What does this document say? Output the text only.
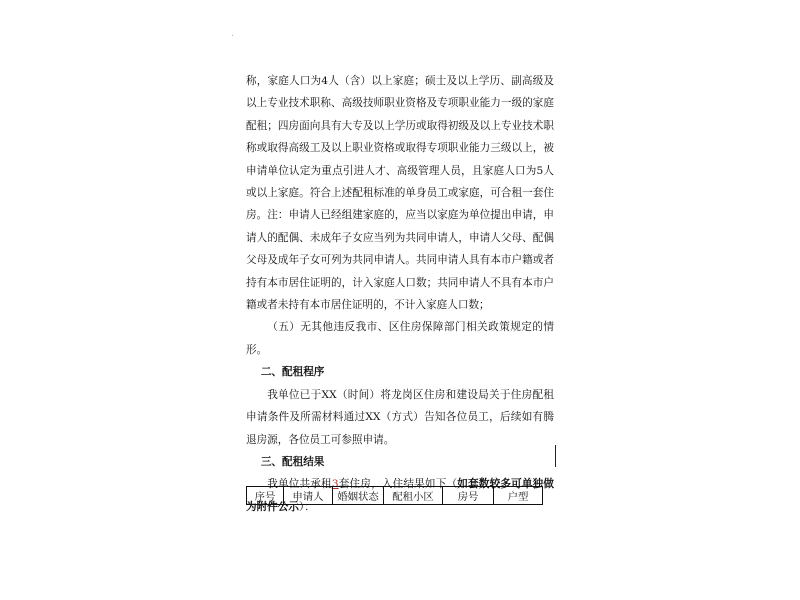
称，家庭人口为4人（含）以上家庭；硕士及以上学历、副高级及以上专业技术职称、高级技师职业资格及专项职业能力一级的家庭配租；四房面向具有大专及以上学历或取得初级及以上专业技术职称或取得高级工及以上职业资格或取得专项职业能力三级以上，被申请单位认定为重点引进人才、高级管理人员，且家庭人口为5人或以上家庭。符合上述配租标准的单身员工或家庭，可合租一套住房。注：申请人已经组建家庭的，应当以家庭为单位提出申请，申请人的配偶、未成年子女应当列为共同申请人，申请人父母、配偶父母及成年子女可列为共同申请人。共同申请人具有本市户籍或者持有本市居住证明的，计入家庭人口数；共同申请人不具有本市户籍或者未持有本市居住证明的，不计入家庭人口数；

（五）无其他违反我市、区住房保障部门相关政策规定的情形。

二、配租程序

我单位已于XX（时间）将龙岗区住房和建设局关于住房配租申请条件及所需材料通过XX（方式）告知各位员工，后续如有腾退房源，各位员工可参照申请。

三、配租结果

我单位共承租3套住房，入住结果如下（如套数较多可单独做为附件公示）：

序号	申请人	婚姻状态	配租小区	房号	户型
